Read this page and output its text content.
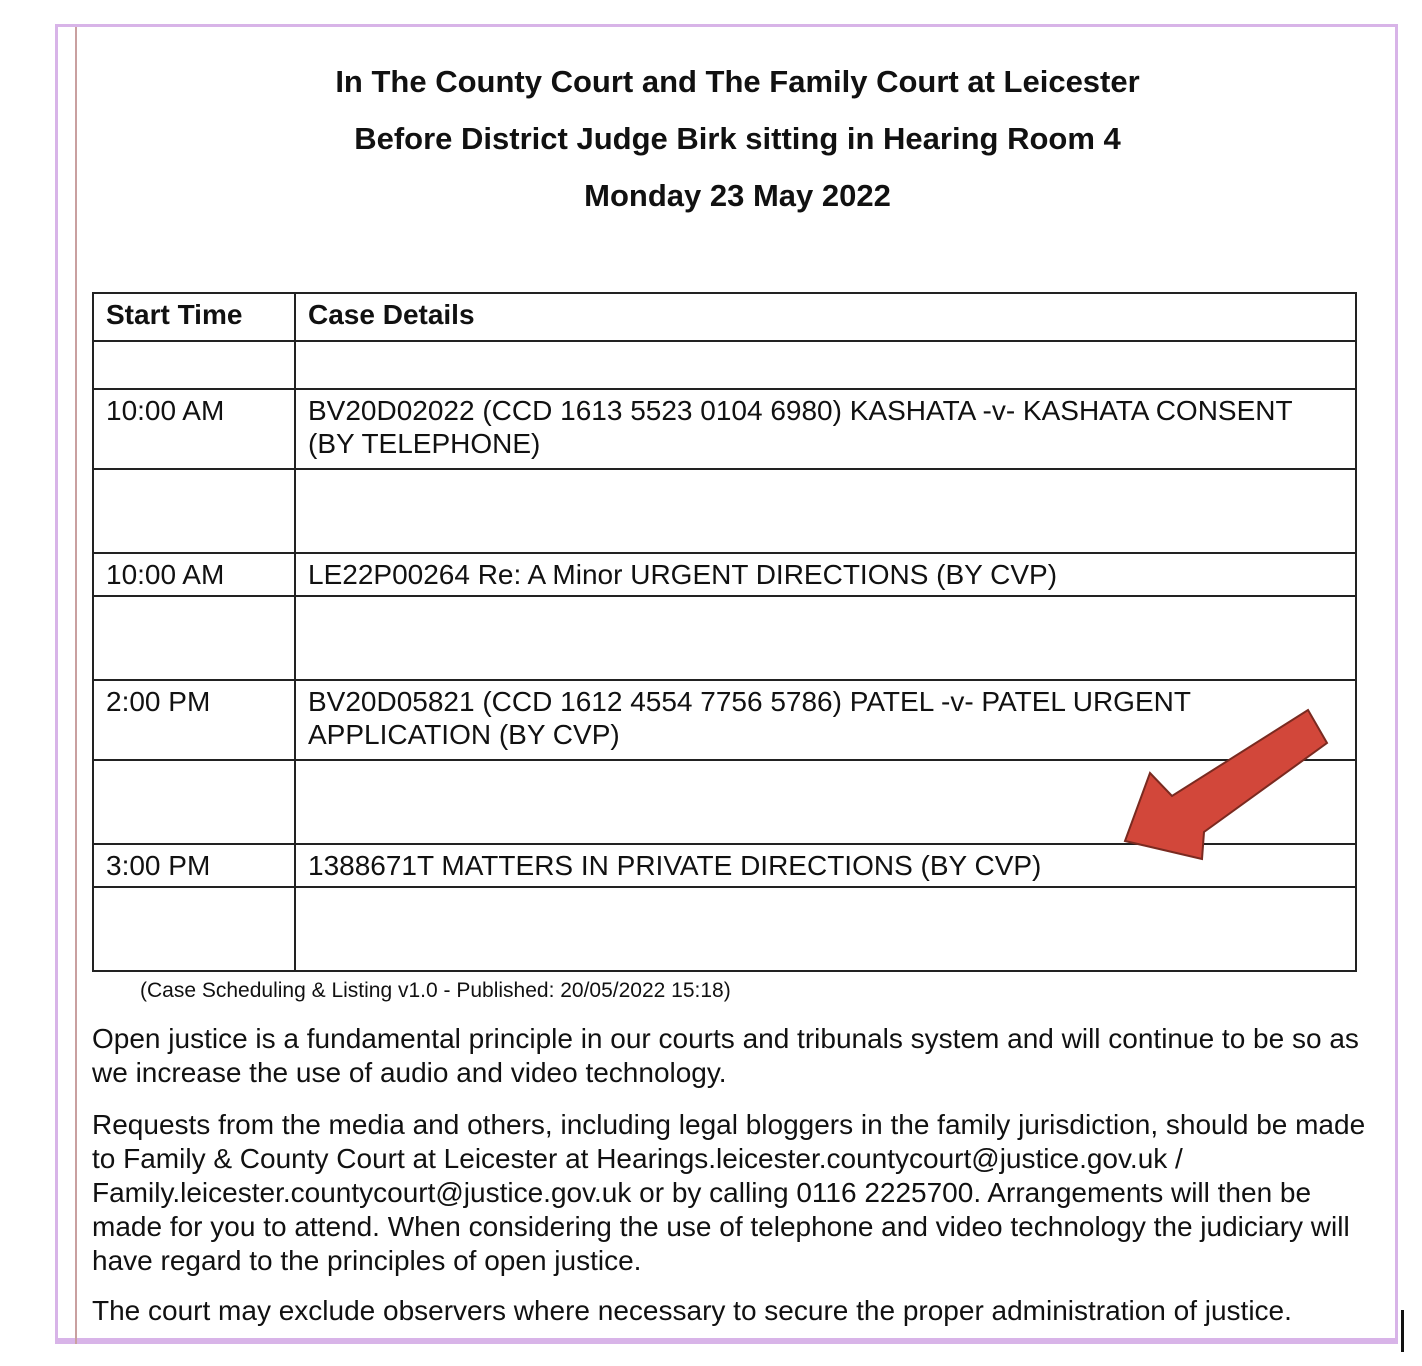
In The County Court and The Family Court at Leicester
Before District Judge Birk sitting in Hearing Room 4
Monday 23 May 2022
Start Time	Case Details

10:00 AM	BV20D02022 (CCD 1613 5523 0104 6980) KASHATA -v- KASHATA CONSENT (BY TELEPHONE)

10:00 AM	LE22P00264 Re: A Minor URGENT DIRECTIONS (BY CVP)

2:00 PM	BV20D05821 (CCD 1612 4554 7756 5786) PATEL -v- PATEL URGENT APPLICATION (BY CVP)

3:00 PM	1388671T MATTERS IN PRIVATE DIRECTIONS (BY CVP)

(Case Scheduling & Listing v1.0 - Published: 20/05/2022 15:18)
Open justice is a fundamental principle in our courts and tribunals system and will continue to be so as we increase the use of audio and video technology.
Requests from the media and others, including legal bloggers in the family jurisdiction, should be made to Family & County Court at Leicester at Hearings.leicester.countycourt@justice.gov.uk / Family.leicester.countycourt@justice.gov.uk or by calling 0116 2225700. Arrangements will then be made for you to attend. When considering the use of telephone and video technology the judiciary will have regard to the principles of open justice.
The court may exclude observers where necessary to secure the proper administration of justice.
